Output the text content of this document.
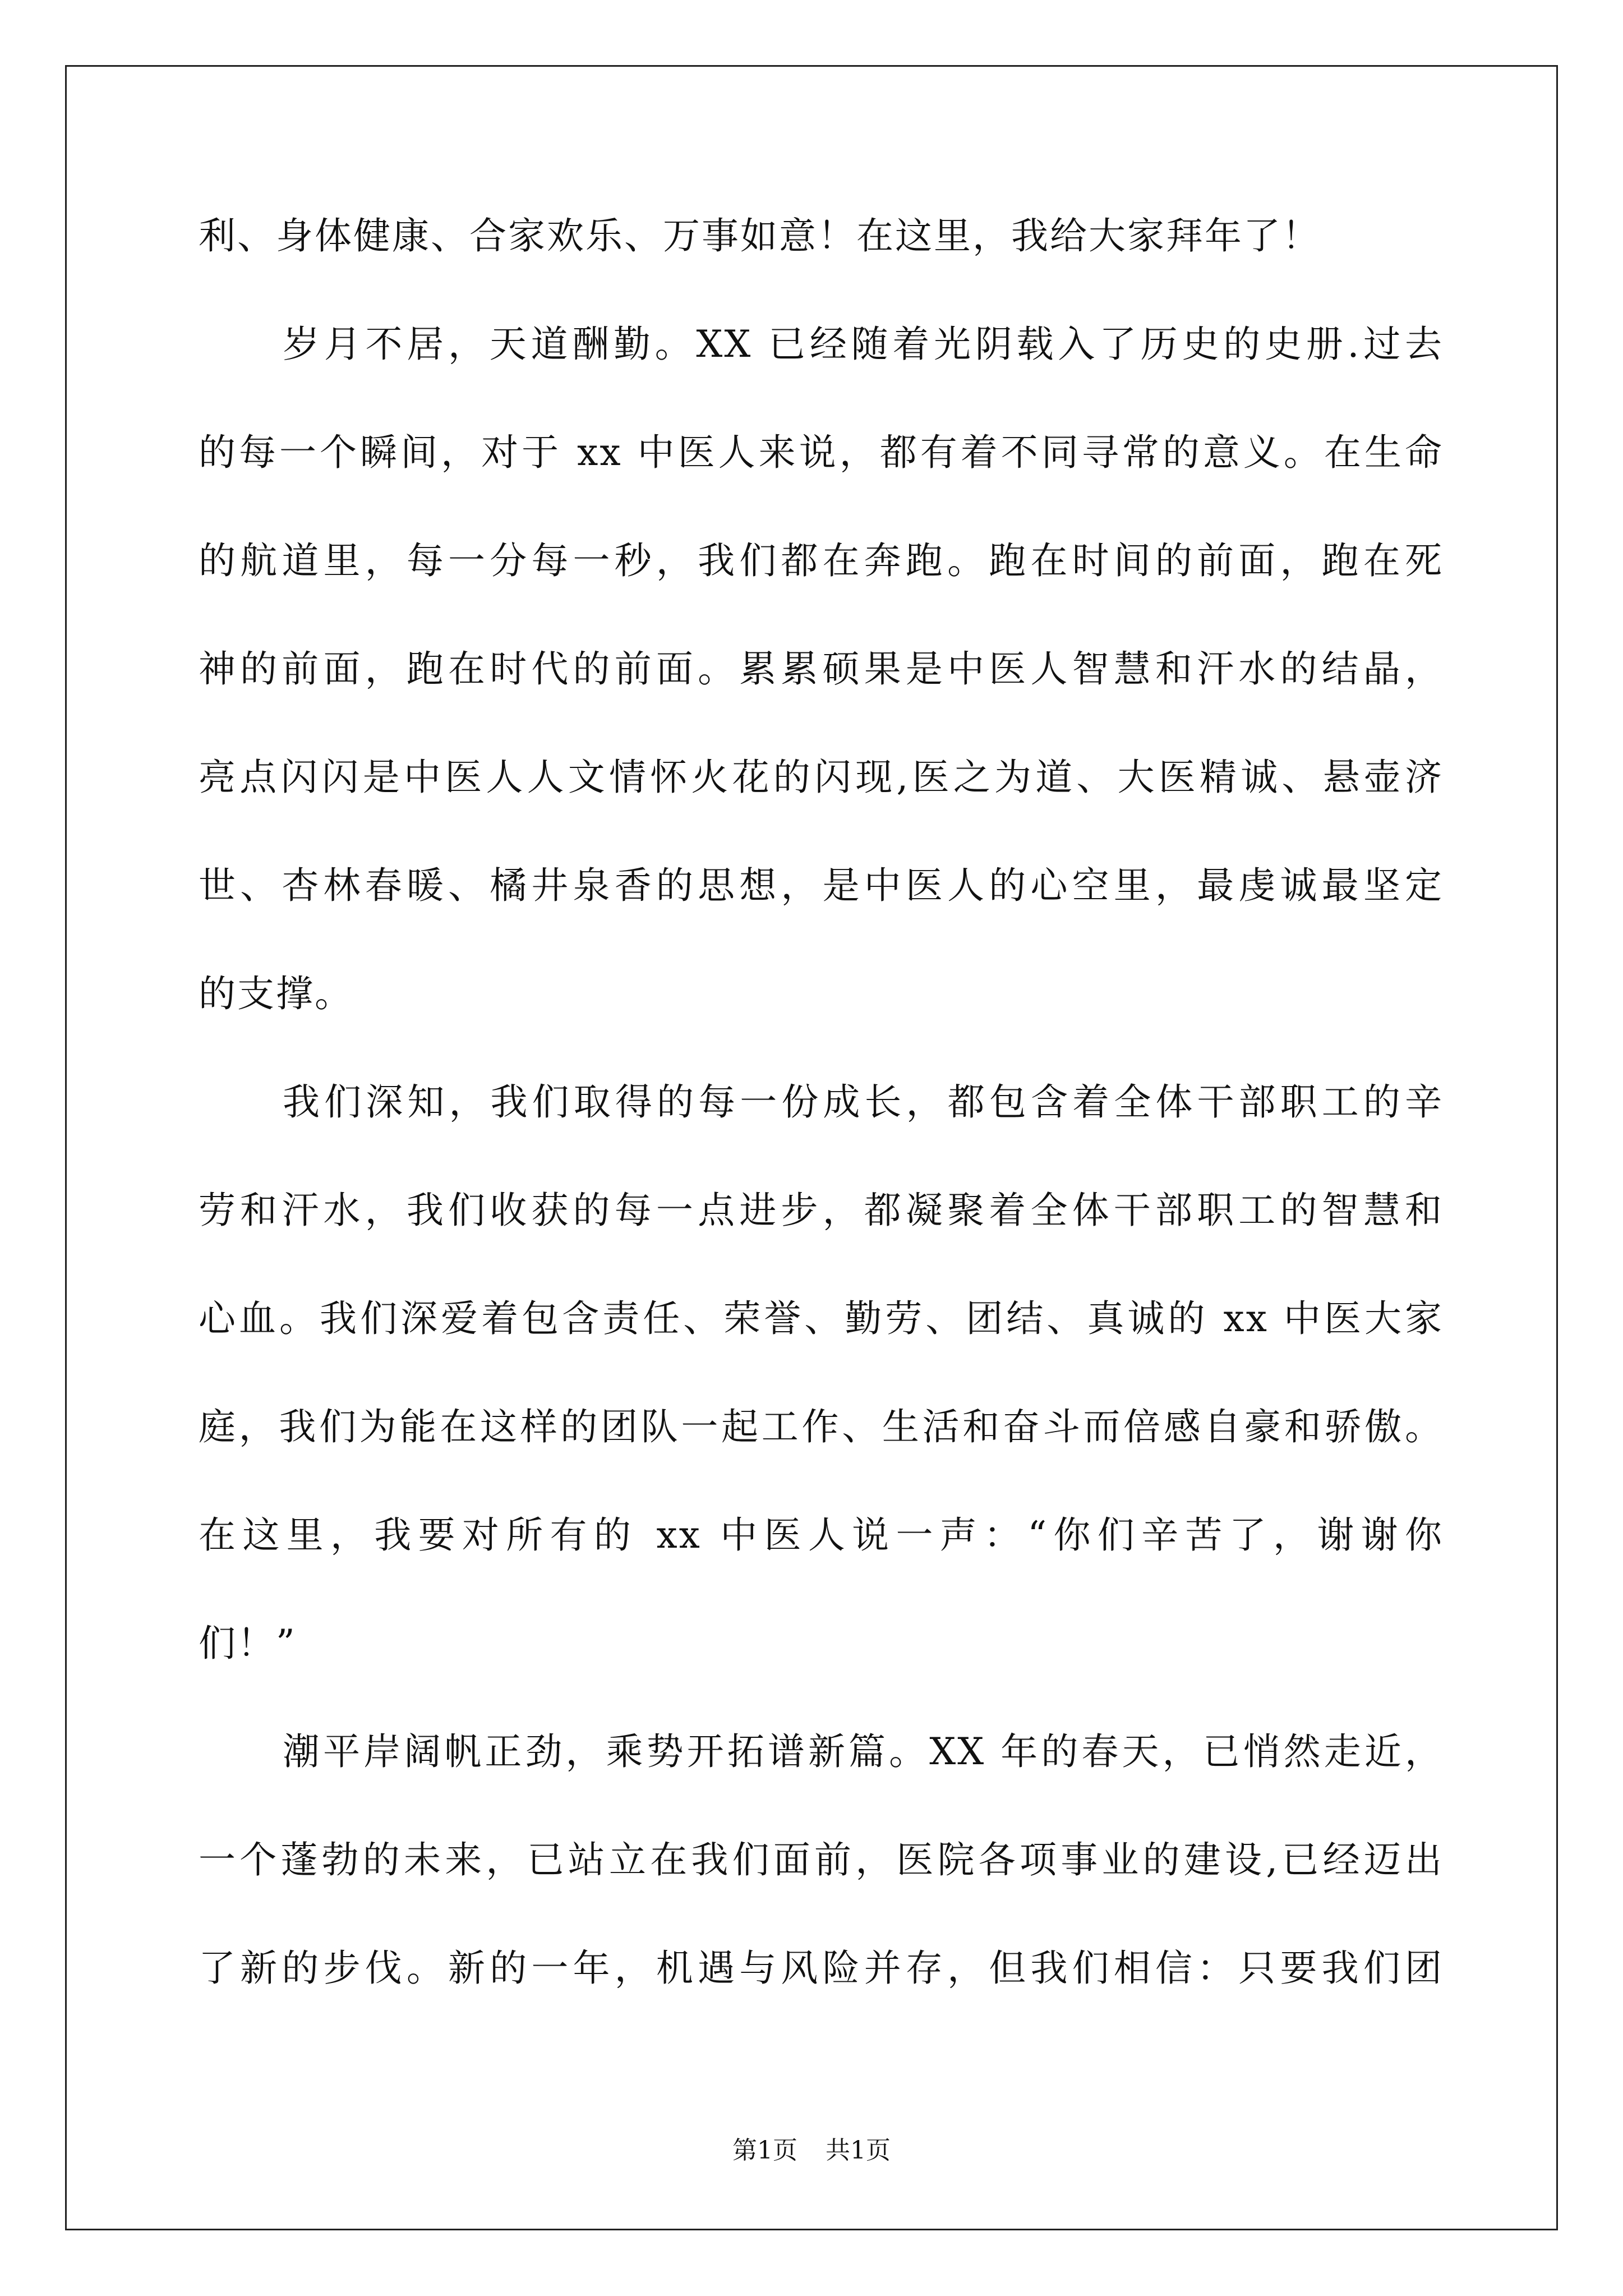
利、身体健康、合家欢乐、万事如意！在这里，我给大家拜年了！
岁月不居，天道酬勤。XX 已经随着光阴载入了历史的史册.过去
的每一个瞬间，对于 xx 中医人来说，都有着不同寻常的意义。在生命
的航道里，每一分每一秒，我们都在奔跑。跑在时间的前面，跑在死
神的前面，跑在时代的前面。累累硕果是中医人智慧和汗水的结晶，
亮点闪闪是中医人人文情怀火花的闪现,医之为道、大医精诚、悬壶济
世、杏林春暖、橘井泉香的思想，是中医人的心空里，最虔诚最坚定
的支撑。
我们深知，我们取得的每一份成长，都包含着全体干部职工的辛
劳和汗水，我们收获的每一点进步，都凝聚着全体干部职工的智慧和
心血。我们深爱着包含责任、荣誉、勤劳、团结、真诚的 xx 中医大家
庭，我们为能在这样的团队一起工作、生活和奋斗而倍感自豪和骄傲。
在这里，我要对所有的 xx 中医人说一声：“你们辛苦了，谢谢你
们！”
潮平岸阔帆正劲，乘势开拓谱新篇。XX 年的春天，已悄然走近，
一个蓬勃的未来，已站立在我们面前，医院各项事业的建设,已经迈出
了新的步伐。新的一年，机遇与风险并存，但我们相信：只要我们团
第1页 共1页
